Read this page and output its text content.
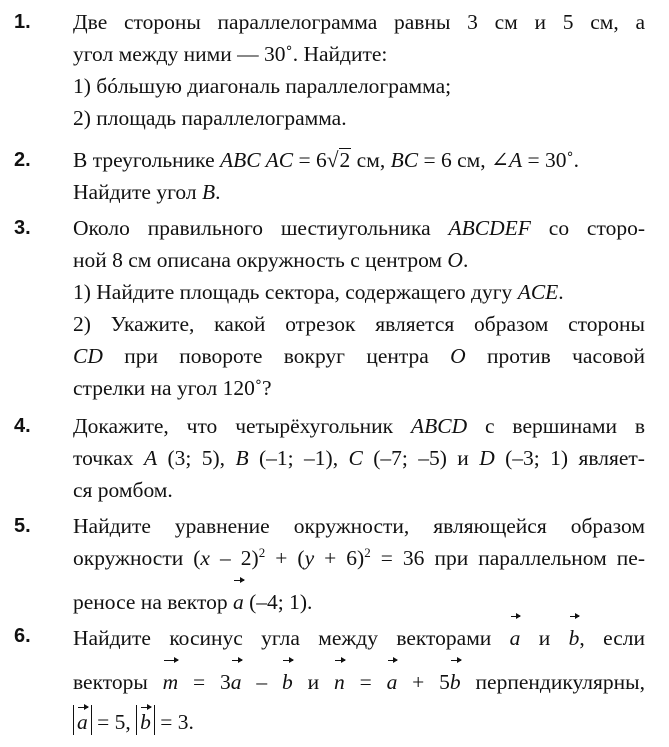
1. Две стороны параллелограмма равны 3 см и 5 см, а
угол между ними — 30˚. Найдите:
1) бóльшую диагональ параллелограмма;
2) площадь параллелограмма.
2. В треугольнике ABC AC = 6√2 см, BC = 6 см, ∠A = 30˚.
Найдите угол B.
3. Около правильного шестиугольника ABCDEF со сторо-
ной 8 см описана окружность с центром O.
1) Найдите площадь сектора, содержащего дугу ACE.
2) Укажите, какой отрезок является образом стороны
CD при повороте вокруг центра O против часовой
стрелки на угол 120˚?
4. Докажите, что четырёхугольник ABCD с вершинами в
точках A (3; 5), B (–1; –1), C (–7; –5) и D (–3; 1) являет-
ся ромбом.
5. Найдите уравнение окружности, являющейся образом
окружности $(x - 2)^2 + (y + 6)^2 = 36$ при параллельном пе-
реносе на вектор a (–4; 1).
6. Найдите косинус угла между векторами a и b, если
векторы m = 3a – b и n = a + 5b перпендикулярны,
a = 5, b = 3.
